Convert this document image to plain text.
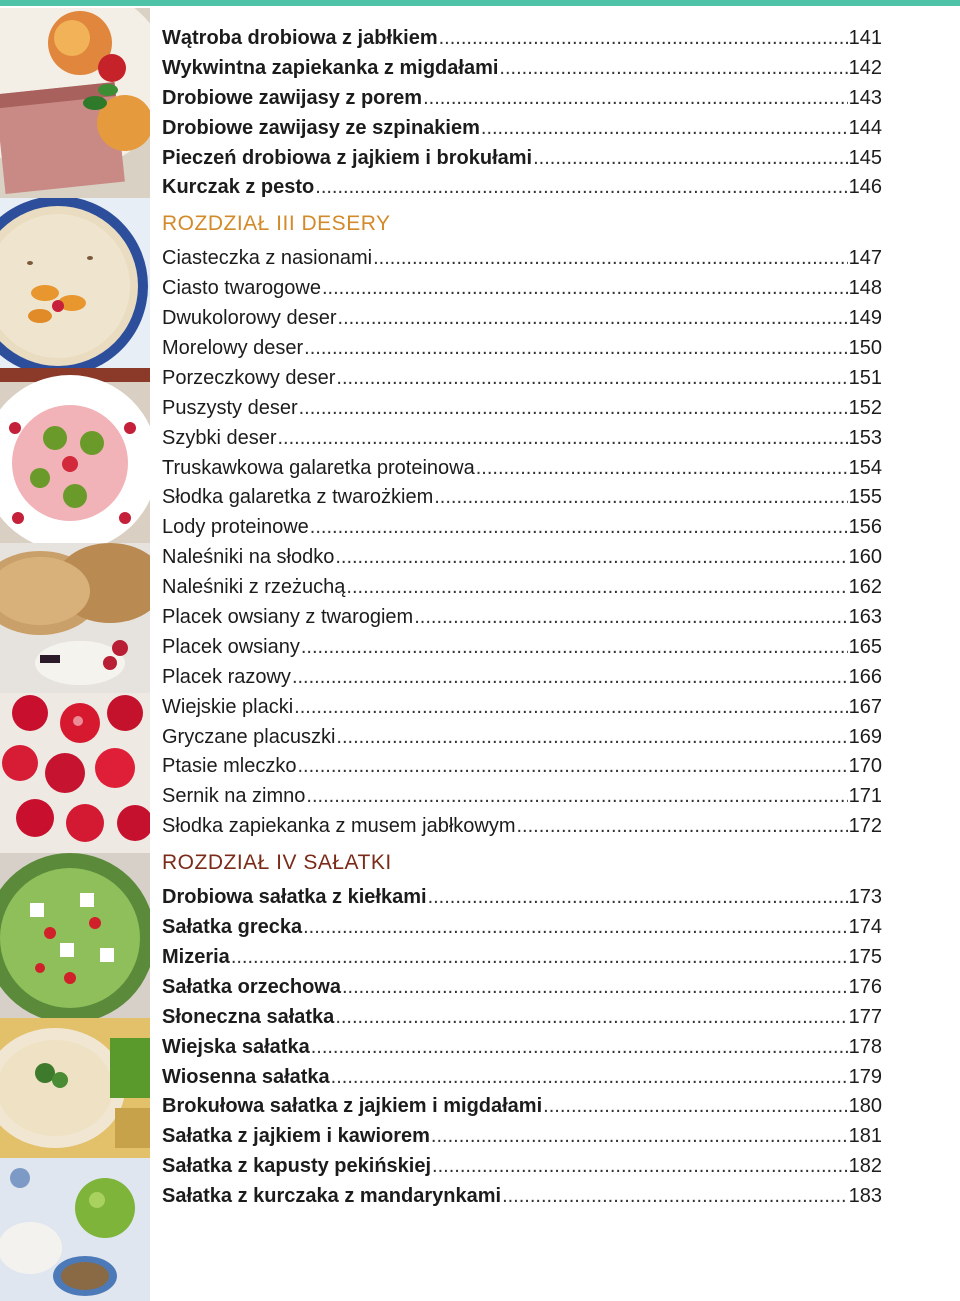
Wątroba drobiowa z jabłkiem .....	141
Wykwintna zapiekanka z migdałami .....	142
Drobiowe zawijasy z porem .....	143
Drobiowe zawijasy ze szpinakiem .....	144
Pieczeń drobiowa z jajkiem i brokułami .....	145
Kurczak z pesto .....	146
ROZDZIAŁ III DESERY
Ciasteczka z nasionami .....	147
Ciasto twarogowe .....	148
Dwukolorowy deser .....	149
Morelowy deser .....	150
Porzeczkowy deser .....	151
Puszysty deser .....	152
Szybki deser .....	153
Truskawkowa galaretka proteinowa .....	154
Słodka galaretka z twarożkiem .....	155
Lody proteinowe .....	156
Naleśniki na słodko .....	160
Naleśniki z rzeżuchą .....	162
Placek owsiany z twarogiem .....	163
Placek owsiany .....	165
Placek razowy .....	166
Wiejskie placki .....	167
Gryczane placuszki .....	169
Ptasie mleczko .....	170
Sernik na zimno .....	171
Słodka zapiekanka z musem jabłkowym .....	172
ROZDZIAŁ IV SAŁATKI
Drobiowa sałatka z kiełkami .....	173
Sałatka grecka .....	174
Mizeria .....	175
Sałatka orzechowa .....	176
Słoneczna sałatka .....	177
Wiejska sałatka .....	178
Wiosenna sałatka .....	179
Brokułowa sałatka z jajkiem i migdałami .....	180
Sałatka z jajkiem i kawiorem .....	181
Sałatka z kapusty pekińskiej .....	182
Sałatka z kurczaka z mandarynkami .....	183
